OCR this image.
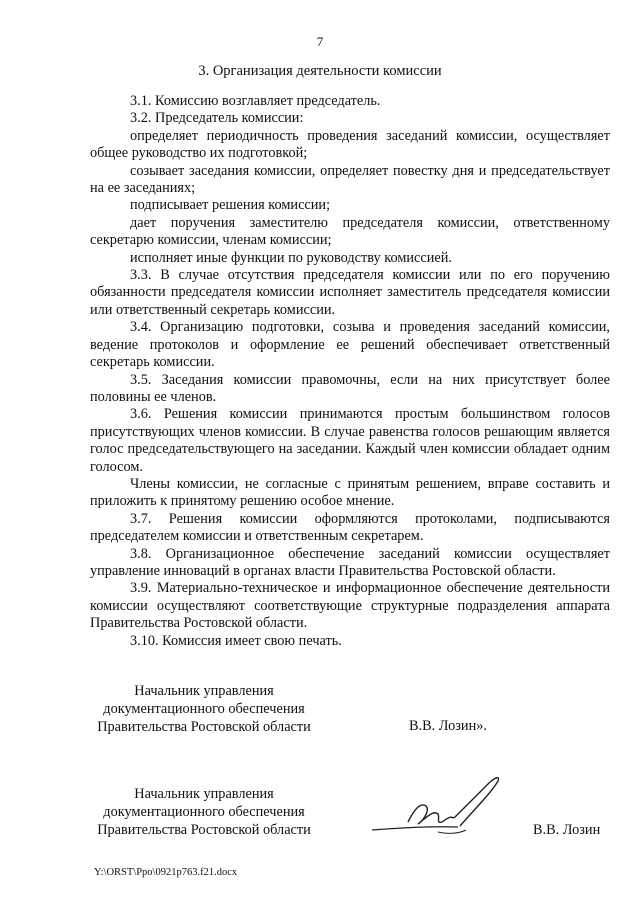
7
3. Организация деятельности комиссии

3.1. Комиссию возглавляет председатель.

3.2. Председатель комиссии:

определяет периодичность проведения заседаний комиссии, осуществляет общее руководство их подготовкой;

созывает заседания комиссии, определяет повестку дня и председательствует на ее заседаниях;

подписывает решения комиссии;

дает поручения заместителю председателя комиссии, ответственному секретарю комиссии, членам комиссии;

исполняет иные функции по руководству комиссией.

3.3. В случае отсутствия председателя комиссии или по его поручению обязанности председателя комиссии исполняет заместитель председателя комиссии или ответственный секретарь комиссии.

3.4. Организацию подготовки, созыва и проведения заседаний комиссии, ведение протоколов и оформление ее решений обеспечивает ответственный секретарь комиссии.

3.5. Заседания комиссии правомочны, если на них присутствует более половины ее членов.

3.6. Решения комиссии принимаются простым большинством голосов присутствующих членов комиссии. В случае равенства голосов решающим является голос председательствующего на заседании. Каждый член комиссии обладает одним голосом.

Члены комиссии, не согласные с принятым решением, вправе составить и приложить к принятому решению особое мнение.

3.7. Решения комиссии оформляются протоколами, подписываются председателем комиссии и ответственным секретарем.

3.8. Организационное обеспечение заседаний комиссии осуществляет управление инноваций в органах власти Правительства Ростовской области.

3.9. Материально-техническое и информационное обеспечение деятельности комиссии осуществляют соответствующие структурные подразделения аппарата Правительства Ростовской области.

3.10. Комиссия имеет свою печать.

Начальник управления
документационного обеспечения
Правительства Ростовской области	В.В. Лозин».
Начальник управления
документационного обеспечения
Правительства Ростовской области	В.В. Лозин
Y:\ORST\Ppo\0921p763.f21.docx
